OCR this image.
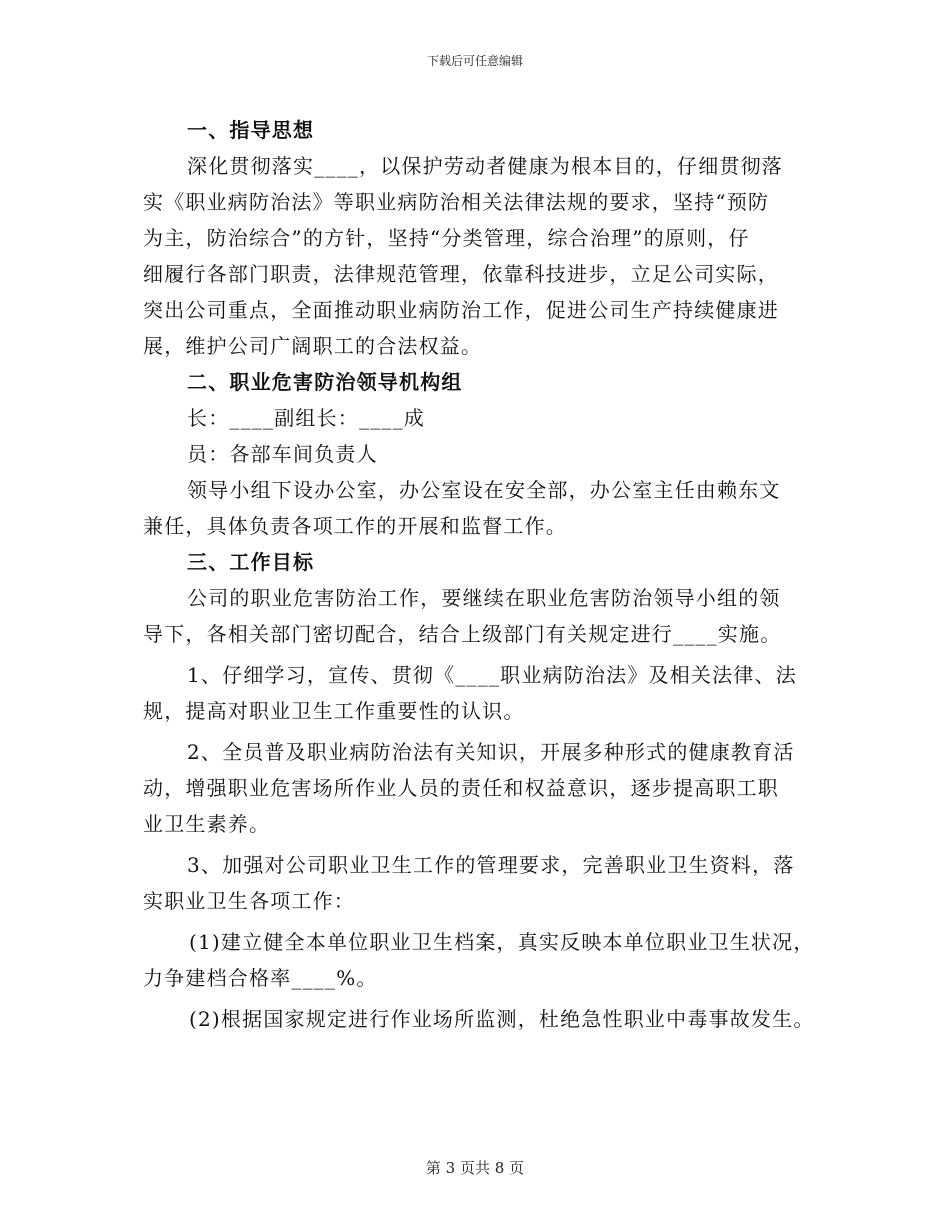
下载后可任意编辑
一、指导思想
深化贯彻落实____，以保护劳动者健康为根本目的，仔细贯彻落
实《职业病防治法》等职业病防治相关法律法规的要求，坚持“预防
为主，防治综合”的方针，坚持“分类管理，综合治理”的原则，仔
细履行各部门职责，法律规范管理，依靠科技进步，立足公司实际，
突出公司重点，全面推动职业病防治工作，促进公司生产持续健康进
展，维护公司广阔职工的合法权益。
二、职业危害防治领导机构组
长：____副组长：____成
员：各部车间负责人
领导小组下设办公室，办公室设在安全部，办公室主任由赖东文
兼任，具体负责各项工作的开展和监督工作。
三、工作目标
公司的职业危害防治工作，要继续在职业危害防治领导小组的领
导下，各相关部门密切配合，结合上级部门有关规定进行____实施。
1、仔细学习，宣传、贯彻《____职业病防治法》及相关法律、法
规，提高对职业卫生工作重要性的认识。
2、全员普及职业病防治法有关知识，开展多种形式的健康教育活
动，增强职业危害场所作业人员的责任和权益意识，逐步提高职工职
业卫生素养。
3、加强对公司职业卫生工作的管理要求，完善职业卫生资料，落
实职业卫生各项工作：
(1)建立健全本单位职业卫生档案，真实反映本单位职业卫生状况，
力争建档合格率____%。
(2)根据国家规定进行作业场所监测，杜绝急性职业中毒事故发生。
第 3 页共 8 页
